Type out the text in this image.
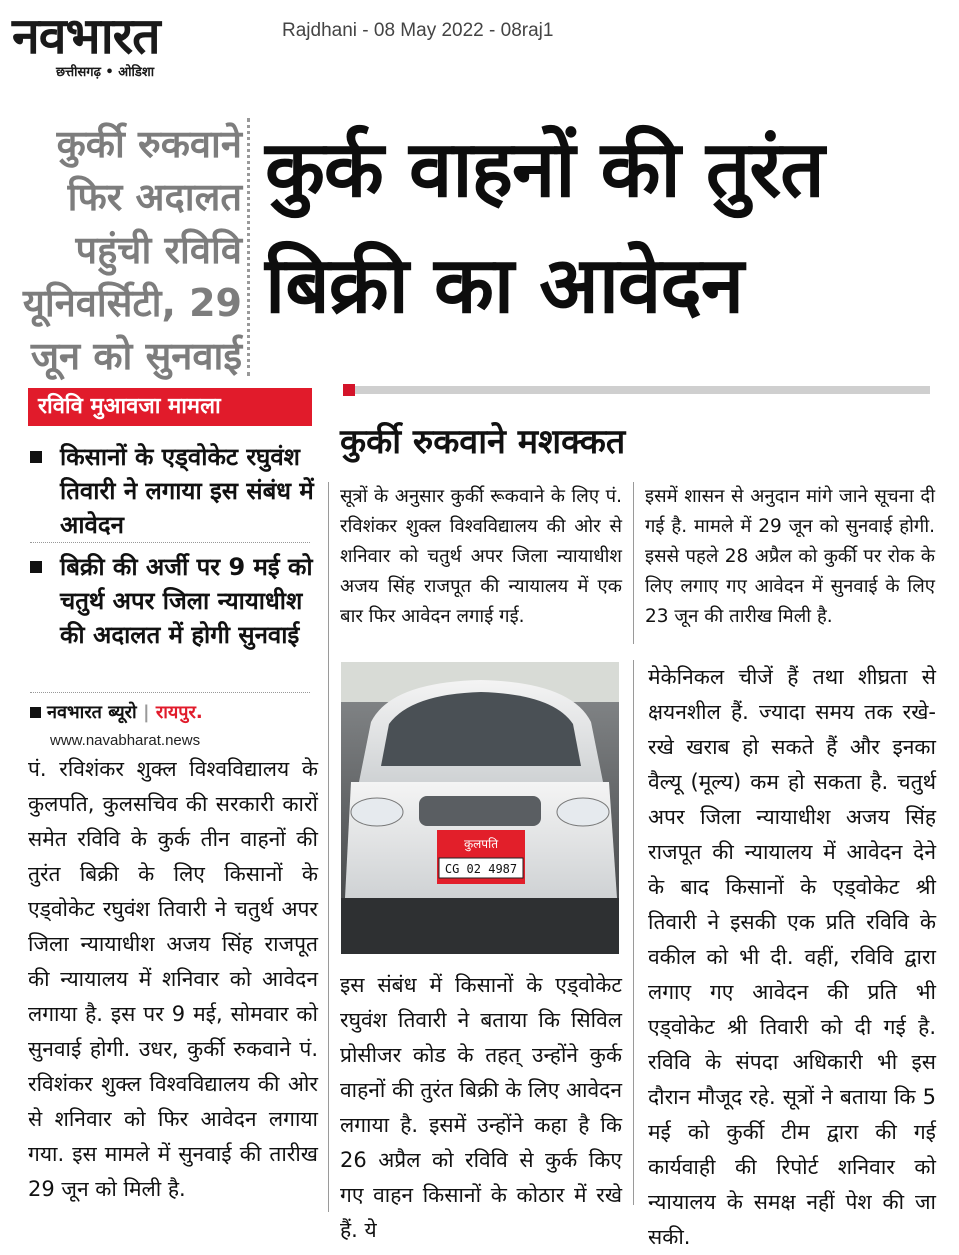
नवभारत
छत्तीसगढ़ • ओडिशा
Rajdhani - 08 May 2022 - 08raj1
कुर्की रुकवाने
फिर अदालत
पहुंची रविवि
यूनिवर्सिटी, 29
जून को सुनवाई
कुर्क वाहनों की तुरंत
बिक्री का आवेदन
रविवि मुआवजा मामला
किसानों के एड्वोकेट रघुवंश तिवारी ने लगाया इस संबंध में आवेदन
बिक्री की अर्जी पर 9 मई को चतुर्थ अपर जिला न्यायाधीश की अदालत में होगी सुनवाई
नवभारत ब्यूरो | रायपुर.
www.navabharat.news
पं. रविशंकर शुक्ल विश्वविद्यालय के कुलपति, कुलसचिव की सरकारी कारों समेत रविवि के कुर्क तीन वाहनों की तुरंत बिक्री के लिए किसानों के एड्वोकेट रघुवंश तिवारी ने चतुर्थ अपर जिला न्यायाधीश अजय सिंह राजपूत की न्यायालय में शनिवार को आवेदन लगाया है. इस पर 9 मई, सोमवार को सुनवाई होगी. उधर, कुर्की रुकवाने पं. रविशंकर शुक्ल विश्वविद्यालय की ओर से शनिवार को फिर आवेदन लगाया गया. इस मामले में सुनवाई की तारीख 29 जून को मिली है.
कुर्की रुकवाने मशक्कत
सूत्रों के अनुसार कुर्की रूकवाने के लिए पं. रविशंकर शुक्ल विश्वविद्यालय की ओर से शनिवार को चतुर्थ अपर जिला न्यायाधीश अजय सिंह राजपूत की न्यायालय में एक बार फिर आवेदन लगाई गई.
इसमें शासन से अनुदान मांगे जाने सूचना दी गई है. मामले में 29 जून को सुनवाई होगी. इससे पहले 28 अप्रैल को कुर्की पर रोक के लिए लगाए गए आवेदन में सुनवाई के लिए 23 जून की तारीख मिली है.
कुलपति
CG 02 4987
इस संबंध में किसानों के एड्वोकेट रघुवंश तिवारी ने बताया कि सिविल प्रोसीजर कोड के तहत् उन्होंने कुर्क वाहनों की तुरंत बिक्री के लिए आवेदन लगाया है. इसमें उन्होंने कहा है कि 26 अप्रैल को रविवि से कुर्क किए गए वाहन किसानों के कोठार में रखे हैं. ये
मेकेनिकल चीजें हैं तथा शीघ्रता से क्षयनशील हैं. ज्यादा समय तक रखे-रखे खराब हो सकते हैं और इनका वैल्यू (मूल्य) कम हो सकता है. चतुर्थ अपर जिला न्यायाधीश अजय सिंह राजपूत की न्यायालय में आवेदन देने के बाद किसानों के एड्वोकेट श्री तिवारी ने इसकी एक प्रति रविवि के वकील को भी दी. वहीं, रविवि द्वारा लगाए गए आवेदन की प्रति भी एड्वोकेट श्री तिवारी को दी गई है. रविवि के संपदा अधिकारी भी इस दौरान मौजूद रहे. सूत्रों ने बताया कि 5 मई को कुर्की टीम द्वारा की गई कार्यवाही की रिपोर्ट शनिवार को न्यायालय के समक्ष नहीं पेश की जा सकी.
